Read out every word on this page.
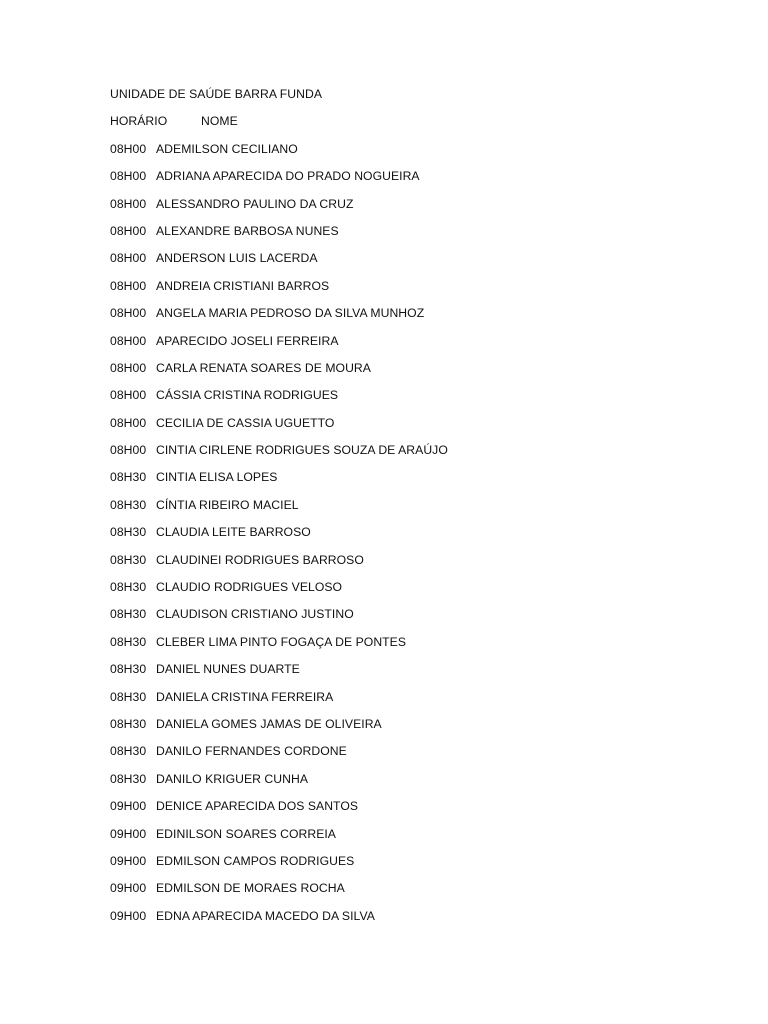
UNIDADE DE SAÚDE BARRA FUNDA
HORÁRIO	NOME
08H00 ADEMILSON CECILIANO
08H00 ADRIANA APARECIDA DO PRADO NOGUEIRA
08H00 ALESSANDRO PAULINO DA CRUZ
08H00 ALEXANDRE BARBOSA NUNES
08H00 ANDERSON LUIS LACERDA
08H00 ANDREIA CRISTIANI BARROS
08H00 ANGELA MARIA PEDROSO DA SILVA MUNHOZ
08H00 APARECIDO JOSELI FERREIRA
08H00 CARLA RENATA SOARES DE MOURA
08H00 CÁSSIA CRISTINA RODRIGUES
08H00 CECILIA DE CASSIA UGUETTO
08H00 CINTIA CIRLENE RODRIGUES SOUZA DE ARAÚJO
08H30 CINTIA ELISA LOPES
08H30 CÍNTIA RIBEIRO MACIEL
08H30 CLAUDIA LEITE BARROSO
08H30 CLAUDINEI RODRIGUES BARROSO
08H30 CLAUDIO RODRIGUES VELOSO
08H30 CLAUDISON CRISTIANO JUSTINO
08H30 CLEBER LIMA PINTO FOGAÇA DE PONTES
08H30 DANIEL NUNES DUARTE
08H30 DANIELA CRISTINA FERREIRA
08H30 DANIELA GOMES JAMAS DE OLIVEIRA
08H30 DANILO FERNANDES CORDONE
08H30 DANILO KRIGUER CUNHA
09H00 DENICE APARECIDA DOS SANTOS
09H00 EDINILSON SOARES CORREIA
09H00 EDMILSON CAMPOS RODRIGUES
09H00 EDMILSON DE MORAES ROCHA
09H00 EDNA APARECIDA MACEDO DA SILVA
